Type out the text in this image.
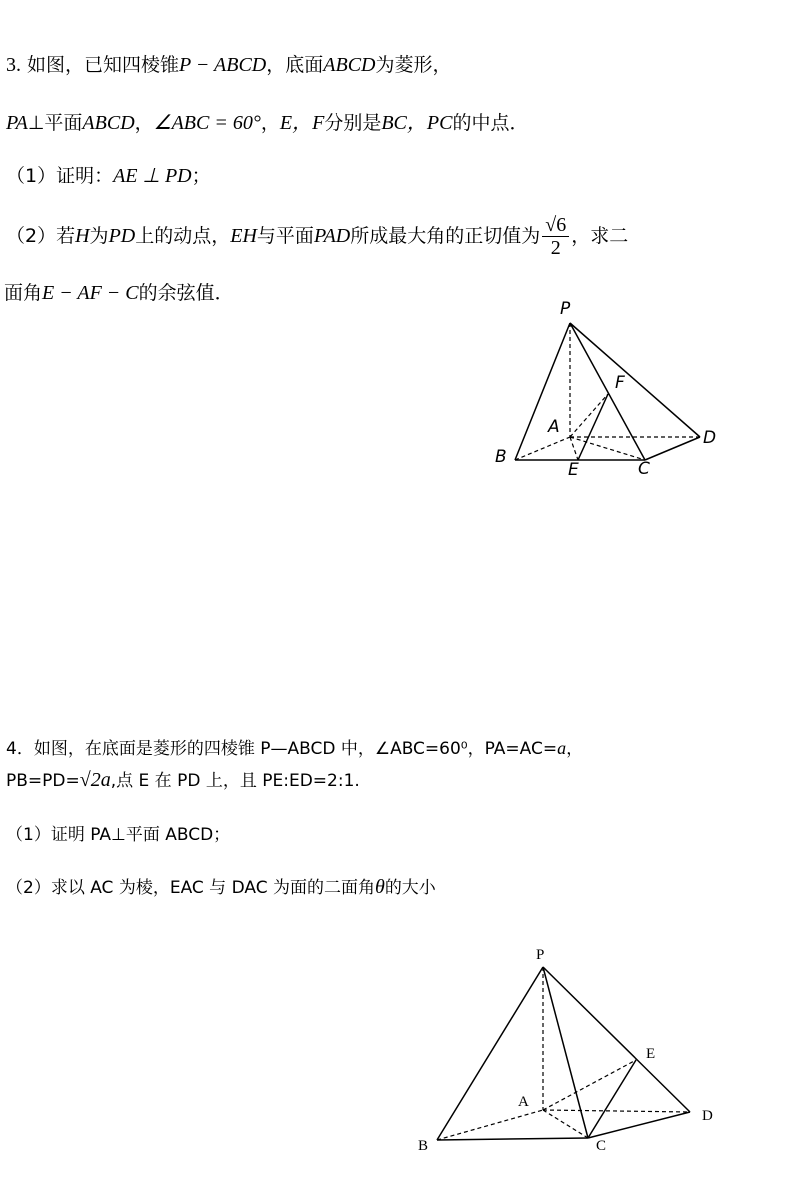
3. 如图，已知四棱锥P − ABCD，底面ABCD为菱形，
PA⊥平面ABCD，∠ABC = 60°，E，F分别是BC，PC的中点．
（1）证明：AE ⊥ PD；
（2）若H为PD上的动点，EH与平面PAD所成最大角的正切值为 $\frac{√6}{2}$ ，求二
面角E − AF − C的余弦值．
4．如图，在底面是菱形的四棱锥 P—ABCD 中，∠ABC=60⁰，PA=AC=a，
PB=PD=√2a,点 E 在 PD 上，且 PE:ED=2:1.
（1）证明 PA⊥平面 ABCD；
（2）求以 AC 为棱，EAC 与 DAC 为面的二面角θ的大小
P
A
B
C
D
E
F
P
A
B	C
D
E
